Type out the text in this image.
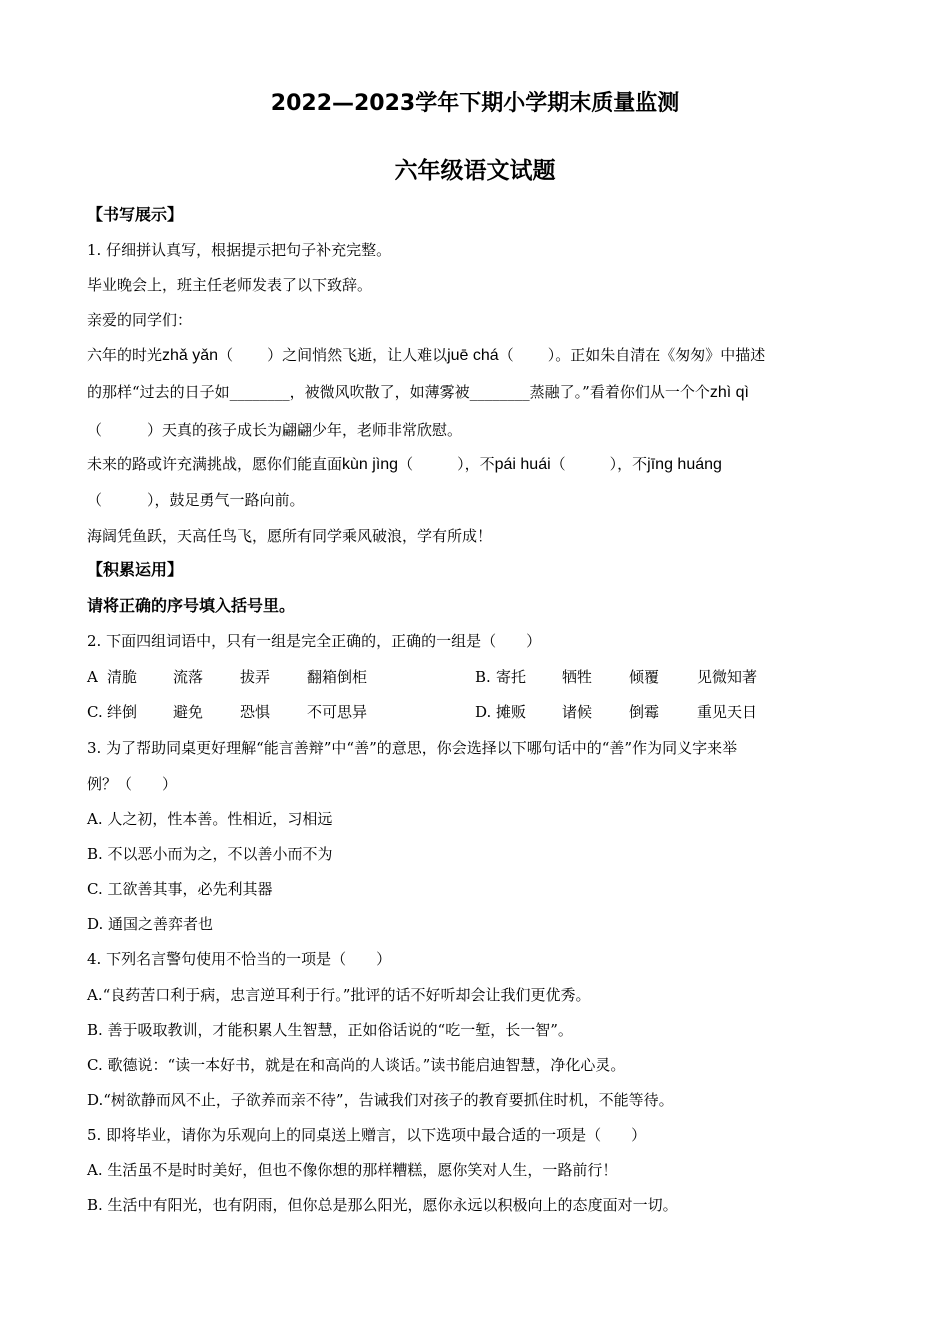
2022—2023学年下期小学期末质量监测
六年级语文试题

【书写展示】

1. 仔细拼认真写，根据提示把句子补充完整。

毕业晚会上，班主任老师发表了以下致辞。

亲爱的同学们：

六年的时光zhǎ yǎn（ ）之间悄然飞逝，让人难以juē chá（ ）。正如朱自清在《匆匆》中描述

的那样“过去的日子如________，被微风吹散了，如薄雾被________蒸融了。”看着你们从一个个zhì qì

（　　　）天真的孩子成长为翩翩少年，老师非常欣慰。

未来的路或许充满挑战，愿你们能直面kùn jìng（	），不pái huái（	），不jīng huáng

（　　　），鼓足勇气一路向前。

海阔凭鱼跃，天高任鸟飞，愿所有同学乘风破浪，学有所成！

【积累运用】

请将正确的序号填入括号里。

2. 下面四组词语中，只有一组是完全正确的，正确的一组是（　　）

A 清脆 流落 拔弄 翻箱倒柜	B. 寄托 牺牲 倾覆	见微知著
C. 绊倒 避免 恐惧 不可思异	D. 摊贩 诸候 倒霉	重见天日

3. 为了帮助同桌更好理解“能言善辩”中“善”的意思，你会选择以下哪句话中的“善”作为同义字来举

例？（　　）

A. 人之初，性本善。性相近，习相远

B. 不以恶小而为之，不以善小而不为

C. 工欲善其事，必先利其器

D. 通国之善弈者也

4. 下列名言警句使用不恰当的一项是（　　）

A.“良药苦口利于病，忠言逆耳利于行。”批评的话不好听却会让我们更优秀。

B. 善于吸取教训，才能积累人生智慧，正如俗话说的“吃一堑，长一智”。

C. 歌德说：“读一本好书，就是在和高尚的人谈话。”读书能启迪智慧，净化心灵。

D.“树欲静而风不止，子欲养而亲不待”，告诫我们对孩子的教育要抓住时机，不能等待。

5. 即将毕业，请你为乐观向上的同桌送上赠言，以下选项中最合适的一项是（　　）

A. 生活虽不是时时美好，但也不像你想的那样糟糕，愿你笑对人生，一路前行！

B. 生活中有阳光，也有阴雨，但你总是那么阳光，愿你永远以积极向上的态度面对一切。
